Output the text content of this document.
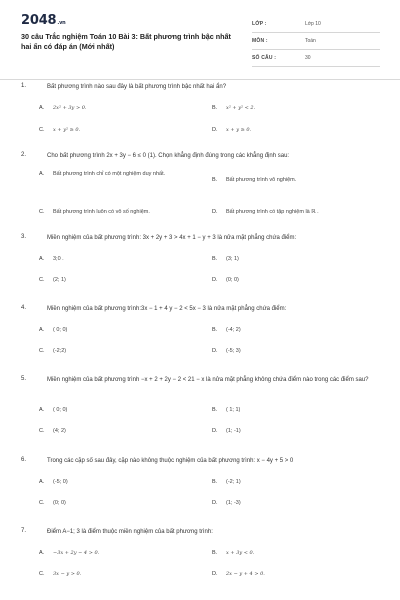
2048.vn
30 câu Trắc nghiệm Toán 10 Bài 3: Bất phương trình bậc nhất hai ẩn có đáp án (Mới nhất)
LỚP :	Lớp 10
MÔN :	Toán
SỐ CÂU :	30
1.	Bất phương trình nào sau đây là bất phương trình bậc nhất hai ẩn?
A. 2x² + 3y > 0.	B. x² + y² < 2.
C. x + y² ≥ 0.	D. x + y ≥ 0.
2.	Cho bất phương trình 2x + 3y − 6 ≤ 0 (1). Chọn khẳng định đúng trong các khẳng định sau:
A. Bất phương trình chỉ có một nghiệm duy nhất.
B. Bất phương trình vô nghiệm.
C. Bất phương trình luôn có vô số nghiệm.	D. Bất phương trình có tập nghiệm là ℝ .
3.	Miền nghiệm của bất phương trình: 3x + 2y + 3 > 4x + 1 − y + 3 là nửa mặt phẳng chứa điểm:
A. 3;0 .	B. (3; 1)
C. (2; 1)	D. (0; 0)
4.	Miền nghiệm của bất phương trình:3x − 1 + 4 y − 2 < 5x − 3 là nửa mặt phẳng chứa điểm:
A. ( 0; 0)	B. (-4; 2)
C. (-2;2)	D. (-5; 3)
5.	Miền nghiệm của bất phương trình −x + 2 + 2y − 2 < 21 − x là nửa mặt phẳng không chứa điểm nào trong các điểm sau?
A. ( 0; 0)	B. ( 1; 1)
C. (4; 2)	D. (1; -1)
6.	Trong các cặp số sau đây, cặp nào không thuộc nghiệm của bất phương trình: x − 4y + 5 > 0
A. (-5; 0)	B. (-2; 1)
C. (0; 0)	D. (1; -3)
7.	Điểm A−1; 3 là điểm thuộc miền nghiệm của bất phương trình:
A. −3x + 2y − 4 > 0.	B. x + 3y < 0.
C. 3x − y > 0.	D. 2x − y + 4 > 0.
